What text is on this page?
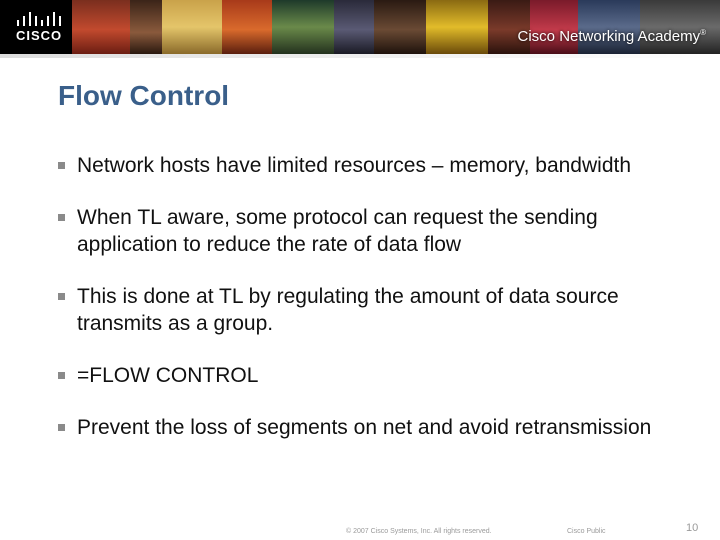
CISCO	Cisco Networking Academy®
Flow Control
Network hosts have limited resources – memory, bandwidth
When TL aware, some protocol can request the sending application to reduce the rate of data flow
This is done at TL by regulating the amount of data source transmits as a group.
=FLOW CONTROL
Prevent the loss of segments on net and avoid retransmission
© 2007 Cisco Systems, Inc. All rights reserved.	Cisco Public	10
